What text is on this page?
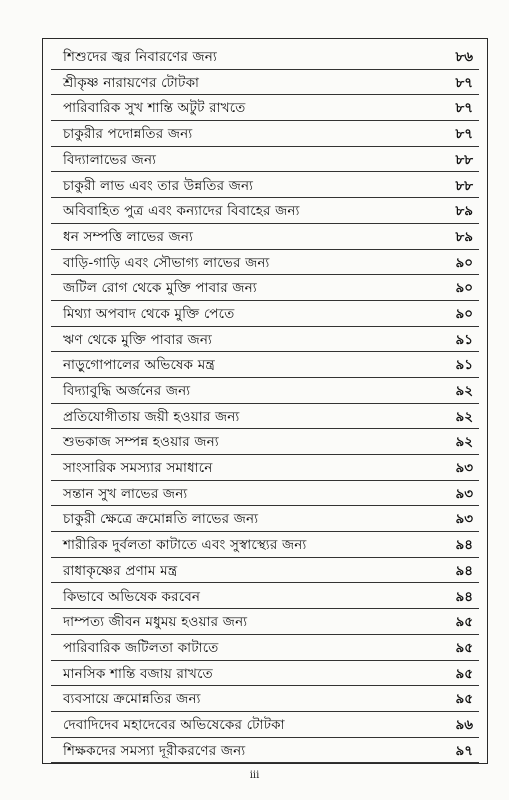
শিশুদের জ্বর নিবারণের জন্য	৮৬
শ্রীকৃষ্ণ নারায়ণের টোটকা	৮৭
পারিবারিক সুখ শান্তি অটুট রাখতে	৮৭
চাকুরীর পদোন্নতির জন্য	৮৭
বিদ্যালাভের জন্য	৮৮
চাকুরী লাভ এবং তার উন্নতির জন্য	৮৮
অবিবাহিত পুত্র এবং কন্যাদের বিবাহের জন্য	৮৯
ধন সম্পত্তি লাভের জন্য	৮৯
বাড়ি-গাড়ি এবং সৌভাগ্য লাভের জন্য	৯০
জটিল রোগ থেকে মুক্তি পাবার জন্য	৯০
মিথ্যা অপবাদ থেকে মুক্তি পেতে	৯০
ঋণ থেকে মুক্তি পাবার জন্য	৯১
নাড়ুগোপালের অভিষেক মন্ত্র	৯১
বিদ্যাবুদ্ধি অর্জনের জন্য	৯২
প্রতিযোগীতায় জয়ী হওয়ার জন্য	৯২
শুভকাজ সম্পন্ন হওয়ার জন্য	৯২
সাংসারিক সমস্যার সমাধানে	৯৩
সন্তান সুখ লাভের জন্য	৯৩
চাকুরী ক্ষেত্রে ক্রমোন্নতি লাভের জন্য	৯৩
শারীরিক দুর্বলতা কাটাতে এবং সুস্বাস্থ্যের জন্য	৯৪
রাধাকৃষ্ণের প্রণাম মন্ত্র	৯৪
কিভাবে অভিষেক করবেন	৯৪
দাম্পত্য জীবন মধুময় হওয়ার জন্য	৯৫
পারিবারিক জটিলতা কাটাতে	৯৫
মানসিক শান্তি বজায় রাখতে	৯৫
ব্যবসায়ে ক্রমোন্নতির জন্য	৯৫
দেবাদিদেব মহাদেবের অভিষেকের টোটকা	৯৬
শিক্ষকদের সমস্যা দূরীকরণের জন্য	৯৭
iii
